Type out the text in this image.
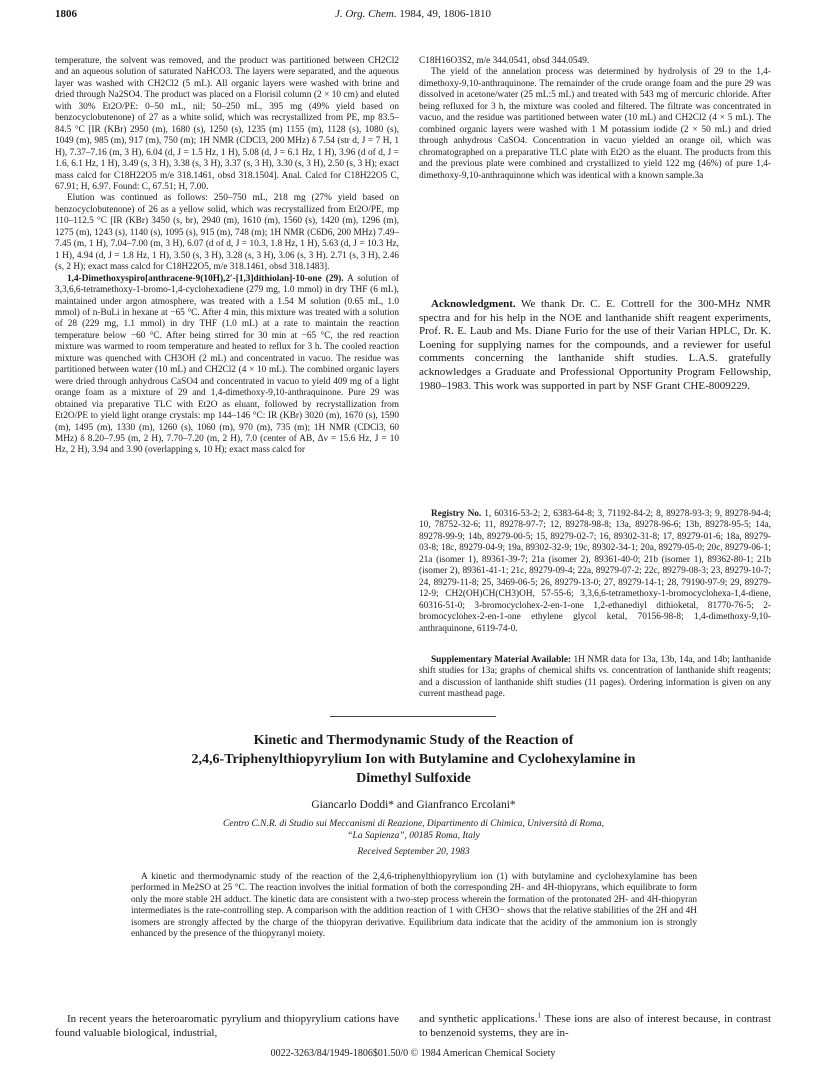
1806	J. Org. Chem. 1984, 49, 1806-1810

temperature, the solvent was removed, and the product was partitioned between CH2Cl2 and an aqueous solution of saturated NaHCO3. The layers were separated, and the aqueous layer was washed with CH2Cl2 (5 mL). All organic layers were washed with brine and dried through Na2SO4. The product was placed on a Florisil column (2 × 10 cm) and eluted with 30% Et2O/PE: 0–50 mL, nil; 50–250 mL, 395 mg (49% yield based on benzocyclobutenone) of 27 as a white solid, which was recrystallized from PE, mp 83.5–84.5 °C [IR (KBr) 2950 (m), 1680 (s), 1250 (s), 1235 (m) 1155 (m), 1128 (s), 1080 (s), 1049 (m), 985 (m), 917 (m), 750 (m); 1H NMR (CDCl3, 200 MHz) δ 7.54 (str d, J = 7 H, 1 H), 7.37–7.16 (m, 3 H), 6.04 (d, J = 1.5 Hz, 1 H), 5.08 (d, J = 6.1 Hz, 1 H), 3.96 (d of d, J = 1.6, 6.1 Hz, 1 H), 3.49 (s, 3 H), 3.38 (s, 3 H), 3.37 (s, 3 H), 3.30 (s, 3 H), 2.50 (s, 3 H); exact mass calcd for C18H22O5 m/e 318.1461, obsd 318.1504]. Anal. Calcd for C18H22O5 C, 67.91; H, 6.97. Found: C, 67.51; H, 7.00.

Elution was continued as follows: 250–750 mL, 218 mg (27% yield based on benzocyclobutenone) of 26 as a yellow solid, which was recrystallized from Et2O/PE, mp 110–112.5 °C [IR (KBr) 3450 (s, br), 2940 (m), 1610 (m), 1560 (s), 1420 (m), 1296 (m), 1275 (m), 1243 (s), 1140 (s), 1095 (s), 915 (m), 748 (m); 1H NMR (C6D6, 200 MHz) 7.49–7.45 (m, 1 H), 7.04–7.00 (m, 3 H), 6.07 (d of d, J = 10.3, 1.8 Hz, 1 H), 5.63 (d, J = 10.3 Hz, 1 H), 4.94 (d, J = 1.8 Hz, 1 H), 3.50 (s, 3 H), 3.28 (s, 3 H), 3.06 (s, 3 H). 2.71 (s, 3 H), 2.46 (s, 2 H); exact mass calcd for C18H22O5, m/e 318.1461, obsd 318.1483].

1,4-Dimethoxyspiro[anthracene-9(10H),2′-[1,3]dithiolan]-10-one (29). A solution of 3,3,6,6-tetramethoxy-1-bromo-1,4-cyclohexadiene (279 mg, 1.0 mmol) in dry THF (6 mL), maintained under argon atmosphere, was treated with a 1.54 M solution (0.65 mL, 1.0 mmol) of n-BuLi in hexane at −65 °C. After 4 min, this mixture was treated with a solution of 28 (229 mg, 1.1 mmol) in dry THF (1.0 mL) at a rate to maintain the reaction temperature below −60 °C. After being stirred for 30 min at −65 °C, the red reaction mixture was warmed to room temperature and heated to reflux for 3 h. The cooled reaction mixture was quenched with CH3OH (2 mL) and concentrated in vacuo. The residue was partitioned between water (10 mL) and CH2Cl2 (4 × 10 mL). The combined organic layers were dried through anhydrous CaSO4 and concentrated in vacuo to yield 409 mg of a light orange foam as a mixture of 29 and 1,4-dimethoxy-9,10-anthraquinone. Pure 29 was obtained via preparative TLC with Et2O as eluant, followed by recrystallization from Et2O/PE to yield light orange crystals: mp 144–146 °C: IR (KBr) 3020 (m), 1670 (s), 1590 (m), 1495 (m), 1330 (m), 1260 (s), 1060 (m), 970 (m), 735 (m); 1H NMR (CDCl3, 60 MHz) δ 8.20–7.95 (m, 2 H), 7.70–7.20 (m, 2 H), 7.0 (center of AB, Δν = 15.6 Hz, J = 10 Hz, 2 H), 3.94 and 3.90 (overlapping s, 10 H); exact mass calcd for

C18H16O3S2, m/e 344.0541, obsd 344.0549.

The yield of the annelation process was determined by hydrolysis of 29 to the 1,4-dimethoxy-9,10-anthraquinone. The remainder of the crude orange foam and the pure 29 was dissolved in acetone/water (25 mL:5 mL) and treated with 543 mg of mercuric chloride. After being refluxed for 3 h, the mixture was cooled and filtered. The filtrate was concentrated in vacuo, and the residue was partitioned between water (10 mL) and CH2Cl2 (4 × 5 mL). The combined organic layers were washed with 1 M potassium iodide (2 × 50 mL) and dried through anhydrous CaSO4. Concentration in vacuo yielded an orange oil, which was chromatographed on a preparative TLC plate with Et2O as the eluant. The products from this and the previous plate were combined and crystallized to yield 122 mg (46%) of pure 1,4-dimethoxy-9,10-anthraquinone which was identical with a known sample.3a

Acknowledgment. We thank Dr. C. E. Cottrell for the 300-MHz NMR spectra and for his help in the NOE and lanthanide shift reagent experiments, Prof. R. E. Laub and Ms. Diane Furio for the use of their Varian HPLC, Dr. K. Loening for supplying names for the compounds, and a reviewer for useful comments concerning the lanthanide shift studies. L.A.S. gratefully acknowledges a Graduate and Professional Opportunity Program Fellowship, 1980–1983. This work was supported in part by NSF Grant CHE-8009229.

Registry No. 1, 60316-53-2; 2, 6383-64-8; 3, 71192-84-2; 8, 89278-93-3; 9, 89278-94-4; 10, 78752-32-6; 11, 89278-97-7; 12, 89278-98-8; 13a, 89278-96-6; 13b, 89278-95-5; 14a, 89278-99-9; 14b, 89279-00-5; 15, 89279-02-7; 16, 89302-31-8; 17, 89279-01-6; 18a, 89279-03-8; 18c, 89279-04-9; 19a, 89302-32-9; 19c, 89302-34-1; 20a, 89279-05-0; 20c, 89279-06-1; 21a (isomer 1), 89361-39-7; 21a (isomer 2), 89361-40-0; 21b (isomer 1), 89362-80-1; 21b (isomer 2), 89361-41-1; 21c, 89279-09-4; 22a, 89279-07-2; 22c, 89279-08-3; 23, 89279-10-7; 24, 89279-11-8; 25, 3469-06-5; 26, 89279-13-0; 27, 89279-14-1; 28, 79190-97-9; 29, 89279-12-9; CH2(OH)CH(CH3)OH, 57-55-6; 3,3,6,6-tetramethoxy-1-bromocyclohexa-1,4-diene, 60316-51-0; 3-bromocyclohex-2-en-1-one 1,2-ethanediyl dithioketal, 81770-76-5; 2-bromocyclohex-2-en-1-one ethylene glycol ketal, 70156-98-8; 1,4-dimethoxy-9,10-anthraquinone, 6119-74-0.

Supplementary Material Available: 1H NMR data for 13a, 13b, 14a, and 14b; lanthanide shift studies for 13a; graphs of chemical shifts vs. concentration of lanthanide shift reagents; and a discussion of lanthanide shift studies (11 pages). Ordering information is given on any current masthead page.

Kinetic and Thermodynamic Study of the Reaction of
2,4,6-Triphenylthiopyrylium Ion with Butylamine and Cyclohexylamine in
Dimethyl Sulfoxide
Giancarlo Doddi* and Gianfranco Ercolani*
Centro C.N.R. di Studio sui Meccanismi di Reazione, Dipartimento di Chimica, Università di Roma,
“La Sapienza”, 00185 Roma, Italy
Received September 20, 1983
A kinetic and thermodynamic study of the reaction of the 2,4,6-triphenylthiopyrylium ion (1) with butylamine and cyclohexylamine has been performed in Me2SO at 25 °C. The reaction involves the initial formation of both the corresponding 2H- and 4H-thiopyrans, which equilibrate to form only the more stable 2H adduct. The kinetic data are consistent with a two-step process wherein the formation of the protonated 2H- and 4H-thiopyran intermediates is the rate-controlling step. A comparison with the addition reaction of 1 with CH3O− shows that the relative stabilities of the 2H and 4H isomers are strongly affected by the charge of the thiopyran derivative. Equilibrium data indicate that the acidity of the ammonium ion is strongly enhanced by the presence of the thiopyranyl moiety.
In recent years the heteroaromatic pyrylium and thiopyrylium cations have found valuable biological, industrial,
and synthetic applications.$^1$ These ions are also of interest because, in contrast to benzenoid systems, they are in-
0022-3263/84/1949-1806$01.50/0 © 1984 American Chemical Society
